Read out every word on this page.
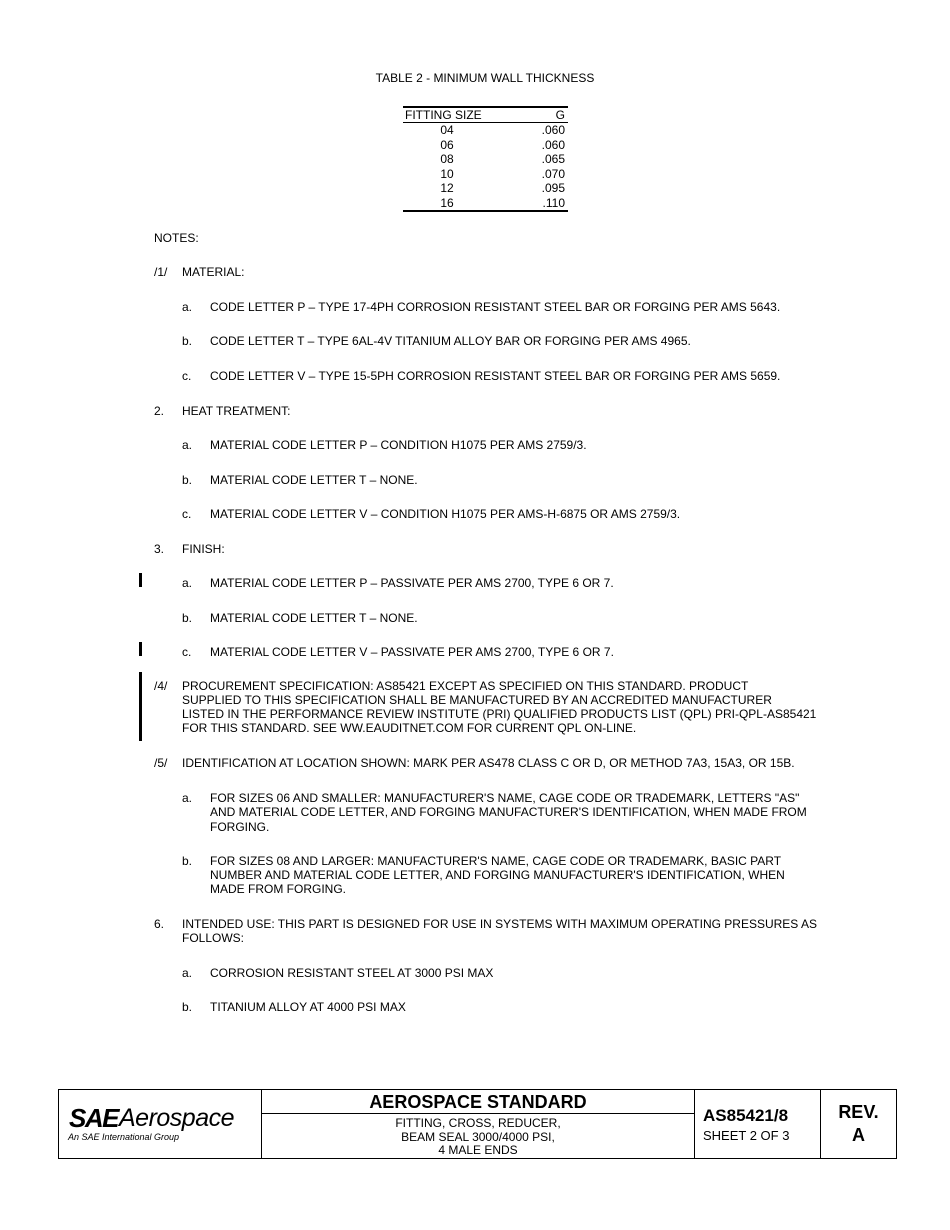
TABLE 2 - MINIMUM WALL THICKNESS
FITTING SIZE	G
04	.060
06	.060
08	.065
10	.070
12	.095
16	.110
NOTES:
/1/ MATERIAL:
a. CODE LETTER P – TYPE 17-4PH CORROSION RESISTANT STEEL BAR OR FORGING PER AMS 5643.
b. CODE LETTER T – TYPE 6AL-4V TITANIUM ALLOY BAR OR FORGING PER AMS 4965.
c. CODE LETTER V – TYPE 15-5PH CORROSION RESISTANT STEEL BAR OR FORGING PER AMS 5659.
2. HEAT TREATMENT:
a. MATERIAL CODE LETTER P – CONDITION H1075 PER AMS 2759/3.
b. MATERIAL CODE LETTER T – NONE.
c. MATERIAL CODE LETTER V – CONDITION H1075 PER AMS-H-6875 OR AMS 2759/3.
3. FINISH:
a. MATERIAL CODE LETTER P – PASSIVATE PER AMS 2700, TYPE 6 OR 7.
b. MATERIAL CODE LETTER T – NONE.
c. MATERIAL CODE LETTER V – PASSIVATE PER AMS 2700, TYPE 6 OR 7.
/4/ PROCUREMENT SPECIFICATION: AS85421 EXCEPT AS SPECIFIED ON THIS STANDARD. PRODUCT
SUPPLIED TO THIS SPECIFICATION SHALL BE MANUFACTURED BY AN ACCREDITED MANUFACTURER
LISTED IN THE PERFORMANCE REVIEW INSTITUTE (PRI) QUALIFIED PRODUCTS LIST (QPL) PRI-QPL-AS85421
FOR THIS STANDARD. SEE WW.EAUDITNET.COM FOR CURRENT QPL ON-LINE.
/5/ IDENTIFICATION AT LOCATION SHOWN: MARK PER AS478 CLASS C OR D, OR METHOD 7A3, 15A3, OR 15B.
a. FOR SIZES 06 AND SMALLER: MANUFACTURER'S NAME, CAGE CODE OR TRADEMARK, LETTERS "AS"
AND MATERIAL CODE LETTER, AND FORGING MANUFACTURER'S IDENTIFICATION, WHEN MADE FROM
FORGING.
b. FOR SIZES 08 AND LARGER: MANUFACTURER'S NAME, CAGE CODE OR TRADEMARK, BASIC PART
NUMBER AND MATERIAL CODE LETTER, AND FORGING MANUFACTURER'S IDENTIFICATION, WHEN
MADE FROM FORGING.
6. INTENDED USE: THIS PART IS DESIGNED FOR USE IN SYSTEMS WITH MAXIMUM OPERATING PRESSURES AS
FOLLOWS:
a. CORROSION RESISTANT STEEL AT 3000 PSI MAX
b. TITANIUM ALLOY AT 4000 PSI MAX
SAE Aerospace
An SAE International Group
AEROSPACE STANDARD
FITTING, CROSS, REDUCER,
BEAM SEAL 3000/4000 PSI,
4 MALE ENDS
AS85421/8
SHEET 2 OF 3
REV.
A
